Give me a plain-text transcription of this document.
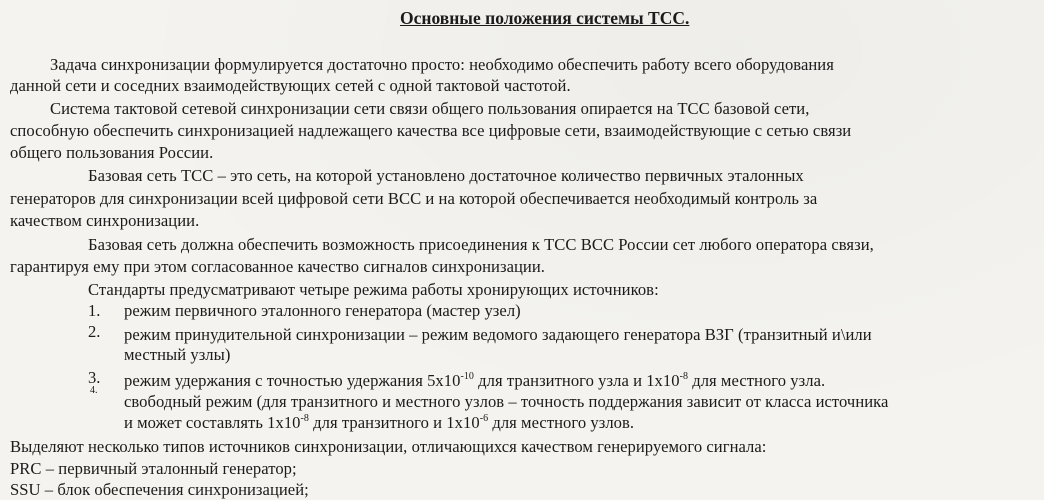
Основные положения системы ТСС.
Задача синхронизации формулируется достаточно просто: необходимо обеспечить работу всего оборудования
данной сети и соседних взаимодействующих сетей с одной тактовой частотой.
Система тактовой сетевой синхронизации сети связи общего пользования опирается на ТСС базовой сети,
способную обеспечить синхронизацией надлежащего качества все цифровые сети, взаимодействующие с сетью связи
общего пользования России.
Базовая сеть ТСС – это сеть, на которой установлено достаточное количество первичных эталонных
генераторов для синхронизации всей цифровой сети ВСС и на которой обеспечивается необходимый контроль за
качеством синхронизации.
Базовая сеть должна обеспечить возможность присоединения к ТСС ВСС России сет любого оператора связи,
гарантируя ему при этом согласованное качество сигналов синхронизации.
Стандарты предусматривают четыре режима работы хронирующих источников:
1. режим первичного эталонного генератора (мастер узел)
2. режим принудительной синхронизации – режим ведомого задающего генератора ВЗГ (транзитный и\или
местный узлы)
3. режим удержания с точностью удержания $5x10^{-10}$ для транзитного узла и $1x10^{-8}$ для местного узла.
4.
свободный режим (для транзитного и местного узлов – точность поддержания зависит от класса источника
и может составлять $1x10^{-8}$ для транзитного и $1x10^{-6}$ для местного узлов.
Выделяют несколько типов источников синхронизации, отличающихся качеством генерируемого сигнала:
PRC – первичный эталонный генератор;
SSU – блок обеспечения синхронизацией;
